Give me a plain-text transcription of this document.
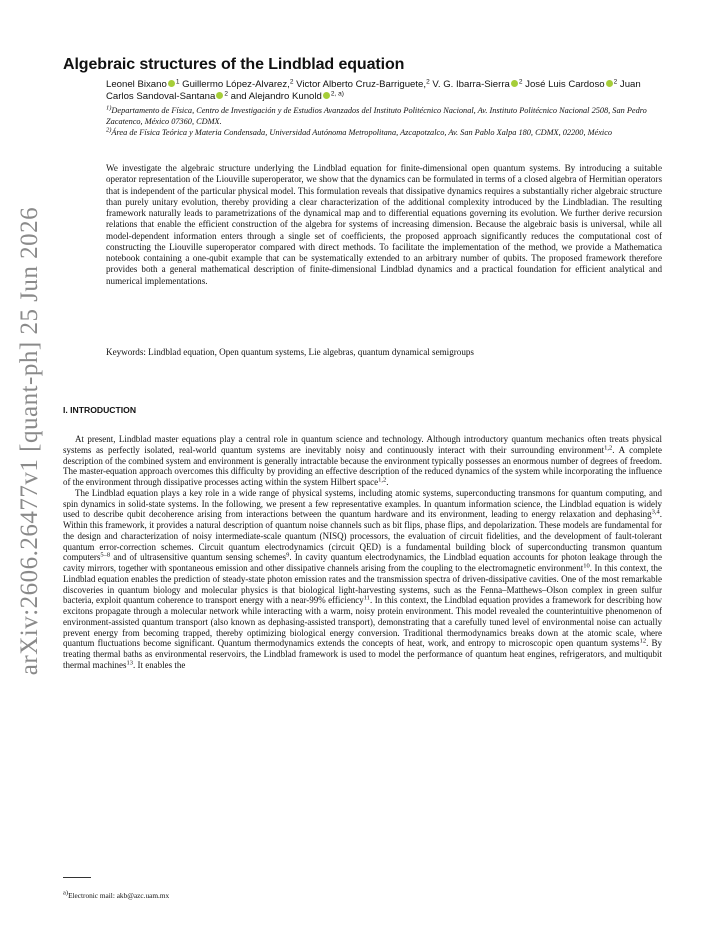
arXiv:2606.26477v1 [quant-ph] 25 Jun 2026
Algebraic structures of the Lindblad equation
Leonel Bixano $^1$ Guillermo López-Alvarez,$^2$ Victor Alberto Cruz-Barriguete,$^2$ V. G. Ibarra-Sierra $^2$ José Luis Cardoso $^2$ Juan Carlos Sandoval-Santana $^2$ and Alejandro Kunold $^{2, a)}$
$^{1)}$Departamento de Física, Centro de Investigación y de Estudios Avanzados del Instituto Politécnico Nacional, Av. Instituto Politécnico Nacional 2508, San Pedro Zacatenco, México 07360, CDMX.
$^{2)}$Área de Física Teórica y Materia Condensada, Universidad Autónoma Metropolitana, Azcapotzalco, Av. San Pablo Xalpa 180, CDMX, 02200, México

We investigate the algebraic structure underlying the Lindblad equation for finite-dimensional open quantum systems. By introducing a suitable operator representation of the Liouville superoperator, we show that the dynamics can be formulated in terms of a closed algebra of Hermitian operators that is independent of the particular physical model. This formulation reveals that dissipative dynamics requires a substantially richer algebraic structure than purely unitary evolution, thereby providing a clear characterization of the additional complexity introduced by the Lindbladian. The resulting framework naturally leads to parametrizations of the dynamical map and to differential equations governing its evolution. We further derive recursion relations that enable the efficient construction of the algebra for systems of increasing dimension. Because the algebraic basis is universal, while all model-dependent information enters through a single set of coefficients, the proposed approach significantly reduces the computational cost of constructing the Liouville superoperator compared with direct methods. To facilitate the implementation of the method, we provide a Mathematica notebook containing a one-qubit example that can be systematically extended to an arbitrary number of qubits. The proposed framework therefore provides both a general mathematical description of finite-dimensional Lindblad dynamics and a practical foundation for efficient analytical and numerical implementations.

Keywords: Lindblad equation, Open quantum systems, Lie algebras, quantum dynamical semigroups

I. INTRODUCTION

At present, Lindblad master equations play a central role in quantum science and technology. Although introductory quantum mechanics often treats physical systems as perfectly isolated, real-world quantum systems are inevitably noisy and continuously interact with their surrounding environment$^{1,2}$. A complete description of the combined system and environment is generally intractable because the environment typically possesses an enormous number of degrees of freedom. The master-equation approach overcomes this difficulty by providing an effective description of the reduced dynamics of the system while incorporating the influence of the environment through dissipative processes acting within the system Hilbert space$^{1,2}$.

The Lindblad equation plays a key role in a wide range of physical systems, including atomic systems, superconducting transmons for quantum computing, and spin dynamics in solid-state systems. In the following, we present a few representative examples. In quantum information science, the Lindblad equation is widely used to describe qubit decoherence arising from interactions between the quantum hardware and its environment, leading to energy relaxation and dephasing$^{3,4}$. Within this framework, it provides a natural description of quantum noise channels such as bit flips, phase flips, and depolarization. These models are fundamental for the design and characterization of noisy intermediate-scale quantum (NISQ) processors, the evaluation of circuit fidelities, and the development of fault-tolerant quantum error-correction schemes. Circuit quantum electrodynamics (circuit QED) is a fundamental building block of superconducting transmon quantum computers$^{5-8}$ and of ultrasensitive quantum sensing schemes$^9$. In cavity quantum electrodynamics, the Lindblad equation accounts for photon leakage through the cavity mirrors, together with spontaneous emission and other dissipative channels arising from the coupling to the electromagnetic environment$^{10}$. In this context, the Lindblad equation enables the prediction of steady-state photon emission rates and the transmission spectra of driven-dissipative cavities. One of the most remarkable discoveries in quantum biology and molecular physics is that biological light-harvesting systems, such as the Fenna–Matthews–Olson complex in green sulfur bacteria, exploit quantum coherence to transport energy with a near-99% efficiency$^{11}$. In this context, the Lindblad equation provides a framework for describing how excitons propagate through a molecular network while interacting with a warm, noisy protein environment. This model revealed the counterintuitive phenomenon of environment-assisted quantum transport (also known as dephasing-assisted transport), demonstrating that a carefully tuned level of environmental noise can actually prevent energy from becoming trapped, thereby optimizing biological energy conversion. Traditional thermodynamics breaks down at the atomic scale, where quantum fluctuations become significant. Quantum thermodynamics extends the concepts of heat, work, and entropy to microscopic open quantum systems$^{12}$. By treating thermal baths as environmental reservoirs, the Lindblad framework is used to model the performance of quantum heat engines, refrigerators, and multiqubit thermal machines$^{13}$. It enables the

$^{a)}$Electronic mail: akb@azc.uam.mx
